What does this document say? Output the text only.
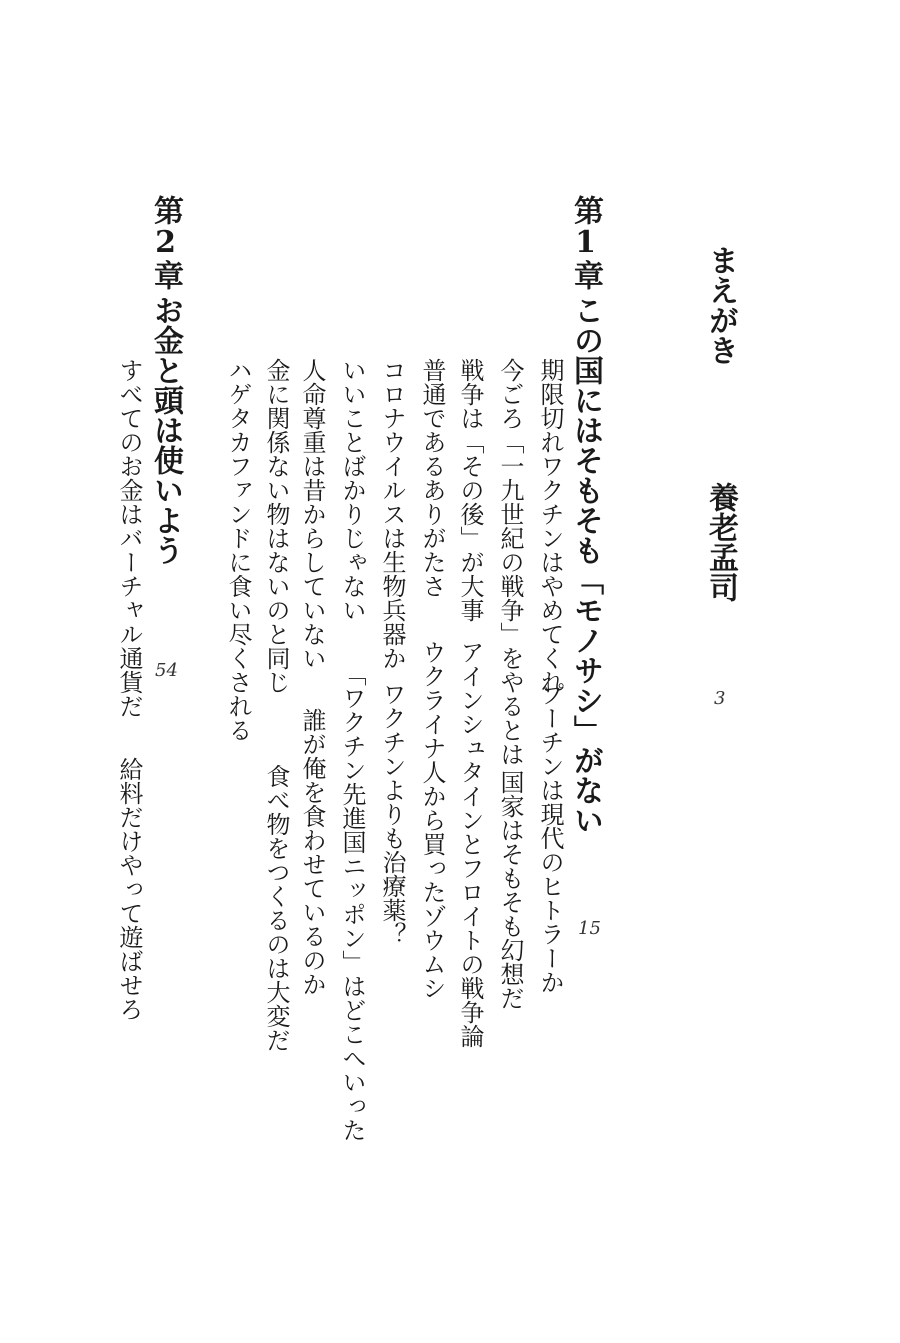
まえがき
養老孟司
3
第1章
この国にはそもそも「モノサシ」がない
15
期限切れワクチンはやめてくれ
プーチンは現代のヒトラーか
今ごろ「一九世紀の戦争」をやるとは
国家はそもそも幻想だ
戦争は「その後」が大事
アインシュタインとフロイトの戦争論
普通であるありがたさ
ウクライナ人から買ったゾウムシ
コロナウイルスは生物兵器か
ワクチンよりも治療薬？
いいことばかりじゃない
「ワクチン先進国ニッポン」はどこへいった
人命尊重は昔からしていない
誰が俺を食わせているのか
金に関係ない物はないのと同じ
食べ物をつくるのは大変だ
ハゲタカファンドに食い尽くされる
第2章
お金と頭は使いよう
54
すべてのお金はバーチャル通貨だ
給料だけやって遊ばせろ
